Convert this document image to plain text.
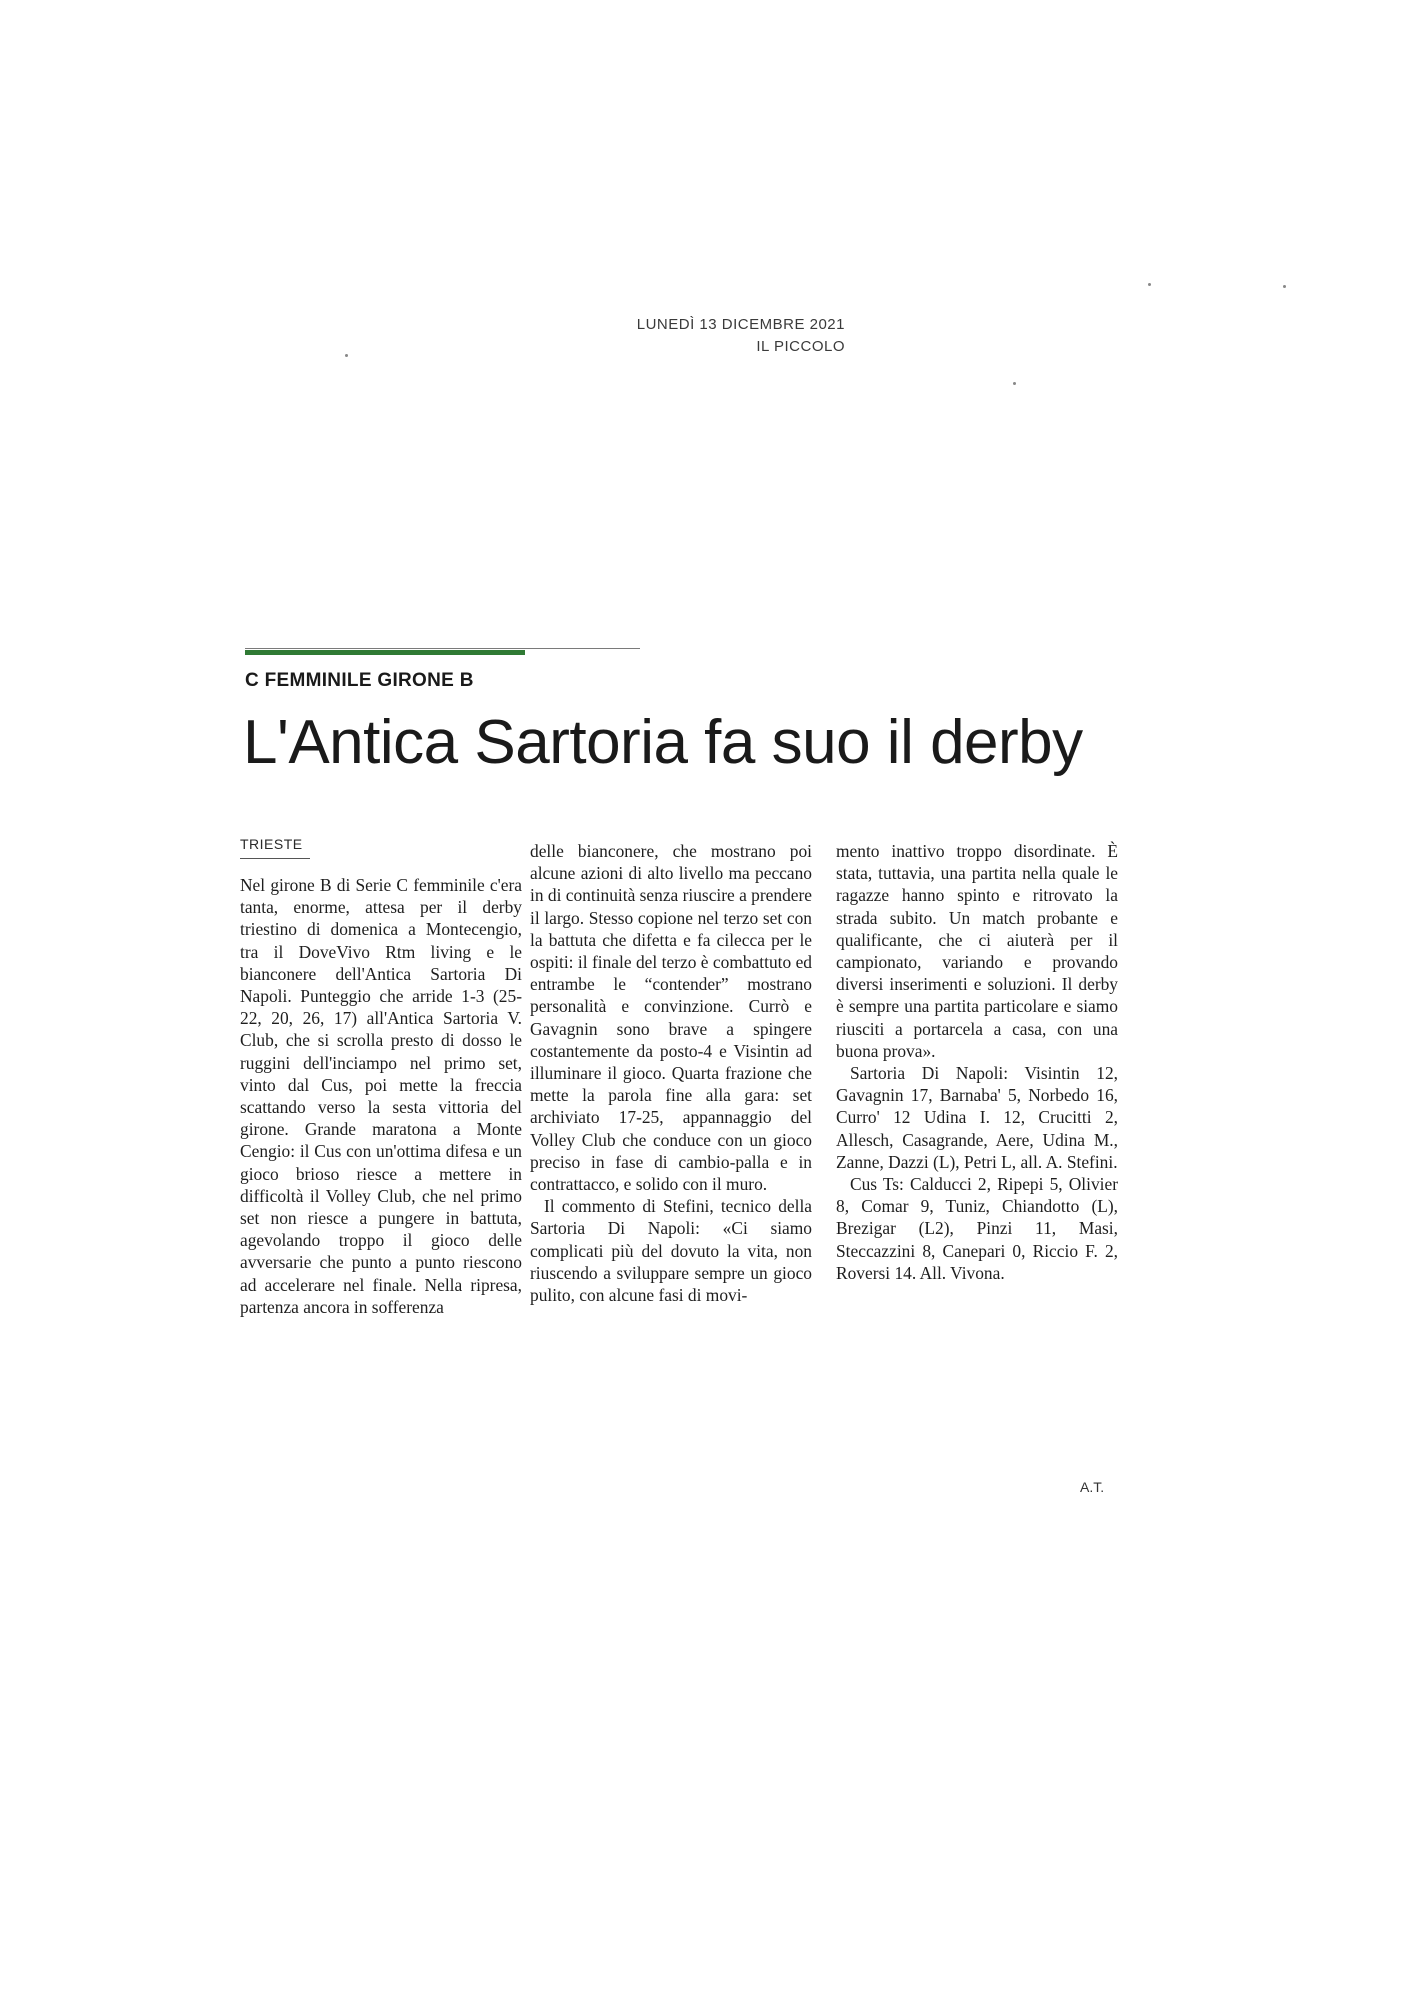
LUNEDÌ 13 DICEMBRE 2021
IL PICCOLO
C FEMMINILE GIRONE B
L'Antica Sartoria fa suo il derby
TRIESTE

Nel girone B di Serie C femminile c'era tanta, enorme, attesa per il derby triestino di domenica a Montecengio, tra il DoveVivo Rtm living e le bianconere dell'Antica Sartoria Di Napoli. Punteggio che arride 1-3 (25-22, 20, 26, 17) all'Antica Sartoria V. Club, che si scrolla presto di dosso le ruggini dell'inciampo nel primo set, vinto dal Cus, poi mette la freccia scattando verso la sesta vittoria del girone. Grande maratona a Monte Cengio: il Cus con un'ottima difesa e un gioco brioso riesce a mettere in difficoltà il Volley Club, che nel primo set non riesce a pungere in battuta, agevolando troppo il gioco delle avversarie che punto a punto riescono ad accelerare nel finale. Nella ripresa, partenza ancora in sofferenza

delle bianconere, che mostrano poi alcune azioni di alto livello ma peccano in di continuità senza riuscire a prendere il largo. Stesso copione nel terzo set con la battuta che difetta e fa cilecca per le ospiti: il finale del terzo è combattuto ed entrambe le “contender” mostrano personalità e convinzione. Currò e Gavagnin sono brave a spingere costantemente da posto-4 e Visintin ad illuminare il gioco. Quarta frazione che mette la parola fine alla gara: set archiviato 17-25, appannaggio del Volley Club che conduce con un gioco preciso in fase di cambio-palla e in contrattacco, e solido con il muro.

Il commento di Stefini, tecnico della Sartoria Di Napoli: «Ci siamo complicati più del dovuto la vita, non riuscendo a sviluppare sempre un gioco pulito, con alcune fasi di movi-

mento inattivo troppo disordinate. È stata, tuttavia, una partita nella quale le ragazze hanno spinto e ritrovato la strada subito. Un match probante e qualificante, che ci aiuterà per il campionato, variando e provando diversi inserimenti e soluzioni. Il derby è sempre una partita particolare e siamo riusciti a portarcela a casa, con una buona prova».

Sartoria Di Napoli: Visintin 12, Gavagnin 17, Barnaba' 5, Norbedo 16, Curro' 12 Udina I. 12, Crucitti 2, Allesch, Casagrande, Aere, Udina M., Zanne, Dazzi (L), Petri L, all. A. Stefini.

Cus Ts: Calducci 2, Ripepi 5, Olivier 8, Comar 9, Tuniz, Chiandotto (L), Brezigar (L2), Pinzi 11, Masi, Steccazzini 8, Canepari 0, Riccio F. 2, Roversi 14. All. Vivona.

A.T.
